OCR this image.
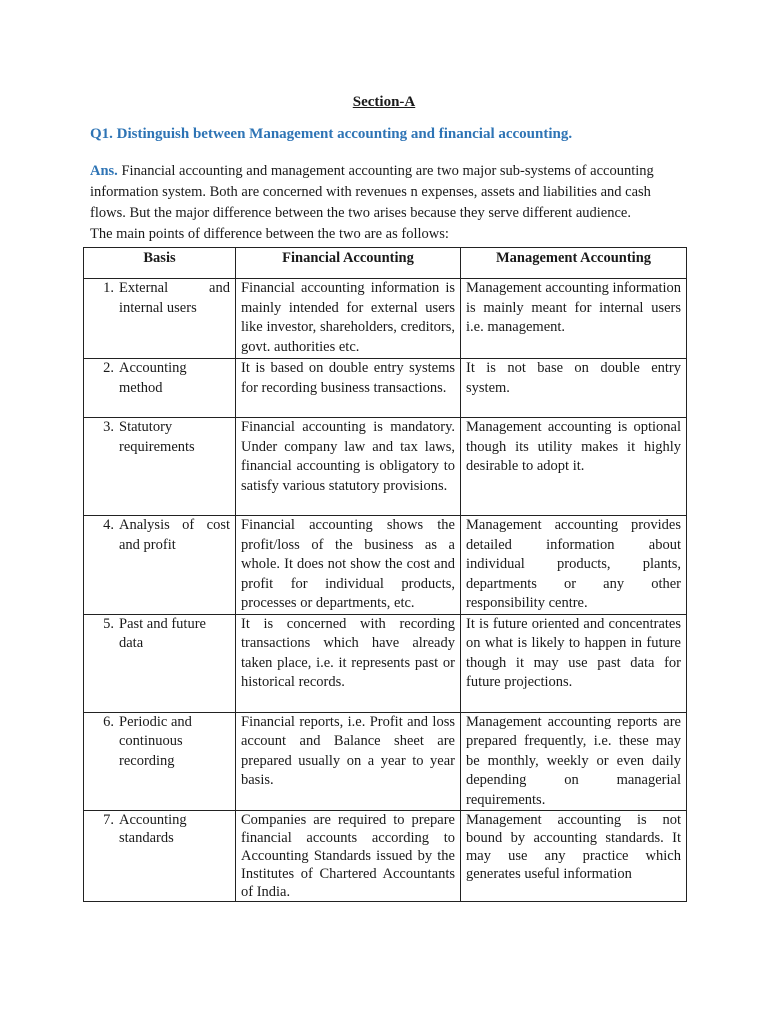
Section-A
Q1. Distinguish between Management accounting and financial accounting.
Ans. Financial accounting and management accounting are two major sub-systems of accounting
information system. Both are concerned with revenues n expenses, assets and liabilities and cash
flows. But the major difference between the two arises because they serve different audience.
The main points of difference between the two are as follows:
Basis	Financial Accounting	Management Accounting

1. External and internal users	Financial accounting information is mainly intended for external users like investor, shareholders, creditors, govt. authorities etc.	Management accounting information is mainly meant for internal users i.e. management.

2. Accounting method	It is based on double entry systems for recording business transactions.	It is not base on double entry system.

3. Statutory requirements	Financial accounting is mandatory. Under company law and tax laws, financial accounting is obligatory to satisfy various statutory provisions.	Management accounting is optional though its utility makes it highly desirable to adopt it.

4. Analysis of cost and profit	Financial accounting shows the profit/loss of the business as a whole. It does not show the cost and profit for individual products, processes or departments, etc.	Management accounting provides detailed information about individual products, plants, departments or any other responsibility centre.

5. Past and future data	It is concerned with recording transactions which have already taken place, i.e. it represents past or historical records.	It is future oriented and concentrates on what is likely to happen in future though it may use past data for future projections.

6. Periodic and continuous recording	Financial reports, i.e. Profit and loss account and Balance sheet are prepared usually on a year to year basis.	Management accounting reports are prepared frequently, i.e. these may be monthly, weekly or even daily depending on managerial requirements.

7. Accounting standards	Companies are required to prepare financial accounts according to Accounting Standards issued by the Institutes of Chartered Accountants of India.	Management accounting is not bound by accounting standards. It may use any practice which generates useful information
